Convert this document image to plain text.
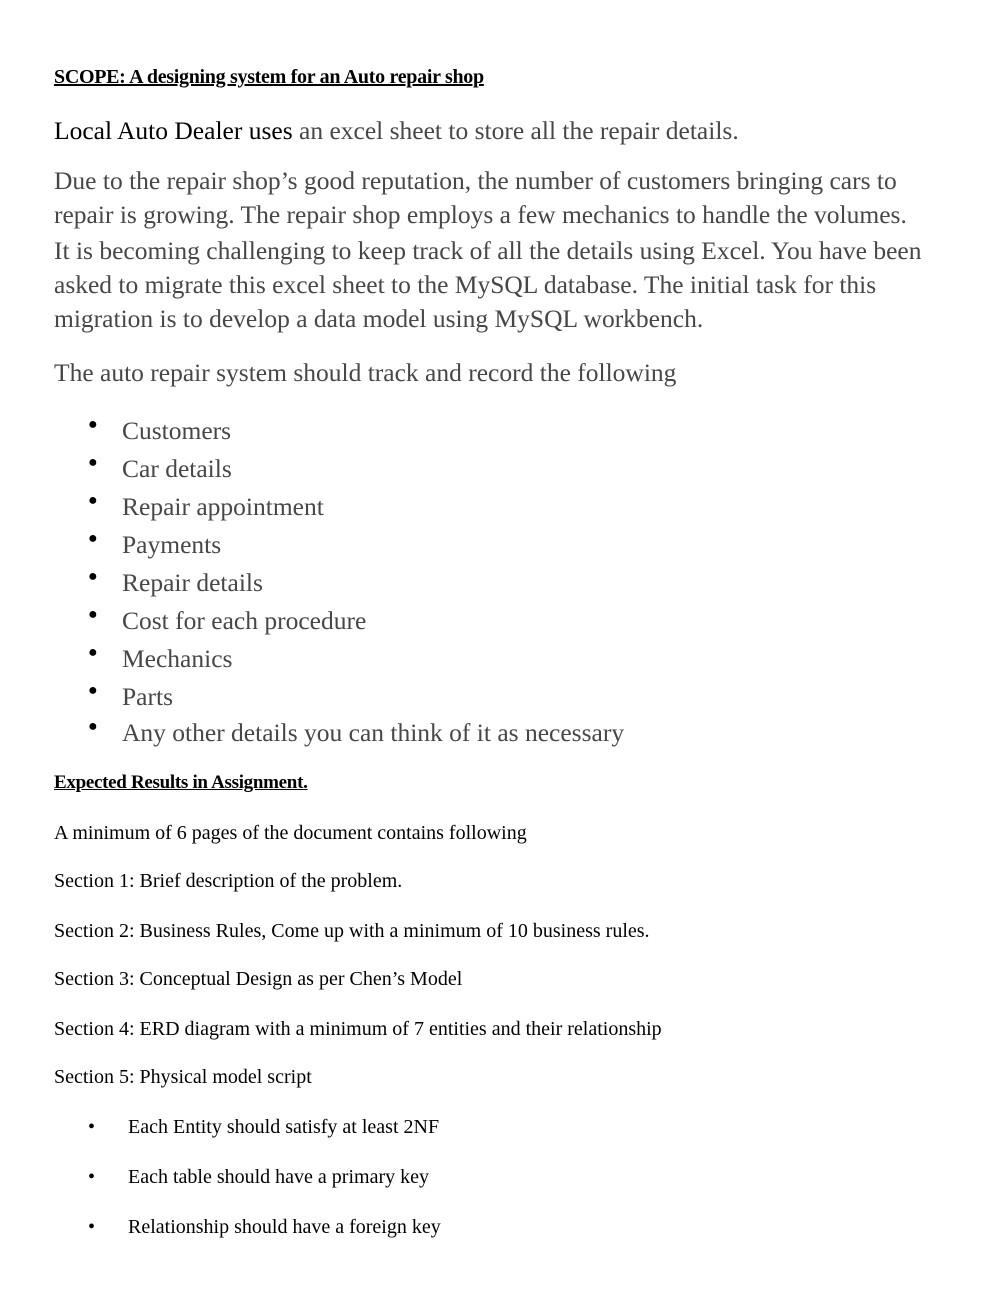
SCOPE: A designing system for an Auto repair shop
Local Auto Dealer uses an excel sheet to store all the repair details.
The auto repair system should track and record the following
Expected Results in Assignment.
A minimum of 6 pages of the document contains following
Due to the repair shop’s good reputation, the number of customers bringing cars to
repair is growing. The repair shop employs a few mechanics to handle the volumes.
It is becoming challenging to keep track of all the details using Excel. You have been
asked to migrate this excel sheet to the MySQL database. The initial task for this
migration is to develop a data model using MySQL workbench.
● Customers
● Car details
● Repair appointment
● Payments
● Repair details
● Cost for each procedure
● Mechanics
● Parts
● Any other details you can think of it as necessary
Section 1: Brief description of the problem.
Section 2: Business Rules, Come up with a minimum of 10 business rules.
Section 3: Conceptual Design as per Chen’s Model
Section 4: ERD diagram with a minimum of 7 entities and their relationship
Section 5: Physical model script
• Each Entity should satisfy at least 2NF
• Each table should have a primary key
• Relationship should have a foreign key
